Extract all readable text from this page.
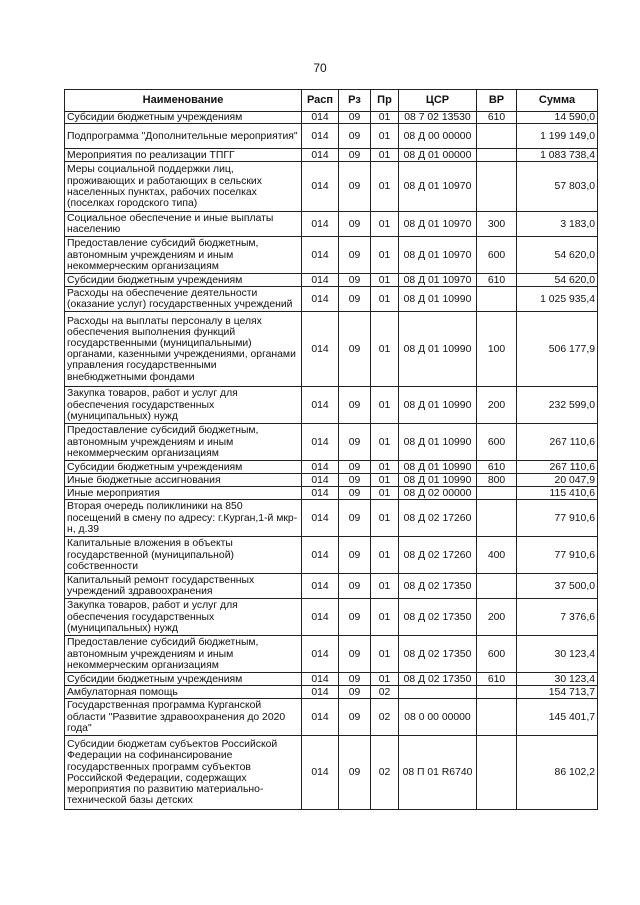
70
Наименование	Расп	Рз	Пр	ЦСР	ВР	Сумма
Субсидии бюджетным учреждениям	014	09	01	08 7 02 13530	610	14 590,0
Подпрограмма "Дополнительные мероприятия"	014	09	01	08 Д 00 00000		1 199 149,0
Мероприятия по реализации ТПГГ	014	09	01	08 Д 01 00000		1 083 738,4
Меры социальной поддержки лиц, проживающих и работающих в сельских населенных пунктах, рабочих поселках (поселках городского типа)	014	09	01	08 Д 01 10970		57 803,0
Социальное обеспечение и иные выплаты населению	014	09	01	08 Д 01 10970	300	3 183,0
Предоставление субсидий бюджетным, автономным учреждениям и иным некоммерческим организациям	014	09	01	08 Д 01 10970	600	54 620,0
Субсидии бюджетным учреждениям	014	09	01	08 Д 01 10970	610	54 620,0
Расходы на обеспечение деятельности (оказание услуг) государственных учреждений	014	09	01	08 Д 01 10990		1 025 935,4
Расходы на выплаты персоналу в целях обеспечения выполнения функций государственными (муниципальными) органами, казенными учреждениями, органами управления государственными внебюджетными фондами	014	09	01	08 Д 01 10990	100	506 177,9
Закупка товаров, работ и услуг для обеспечения государственных (муниципальных) нужд	014	09	01	08 Д 01 10990	200	232 599,0
Предоставление субсидий бюджетным, автономным учреждениям и иным некоммерческим организациям	014	09	01	08 Д 01 10990	600	267 110,6
Субсидии бюджетным учреждениям	014	09	01	08 Д 01 10990	610	267 110,6
Иные бюджетные ассигнования	014	09	01	08 Д 01 10990	800	20 047,9
Иные мероприятия	014	09	01	08 Д 02 00000		115 410,6
Вторая очередь поликлиники на 850 посещений в смену по адресу: г.Курган,1-й мкр-н, д.39	014	09	01	08 Д 02 17260		77 910,6
Капитальные вложения в объекты государственной (муниципальной) собственности	014	09	01	08 Д 02 17260	400	77 910,6
Капитальный ремонт государственных учреждений здравоохранения	014	09	01	08 Д 02 17350		37 500,0
Закупка товаров, работ и услуг для обеспечения государственных (муниципальных) нужд	014	09	01	08 Д 02 17350	200	7 376,6
Предоставление субсидий бюджетным, автономным учреждениям и иным некоммерческим организациям	014	09	01	08 Д 02 17350	600	30 123,4
Субсидии бюджетным учреждениям	014	09	01	08 Д 02 17350	610	30 123,4
Амбулаторная помощь	014	09	02			154 713,7
Государственная программа Курганской области "Развитие здравоохранения до 2020 года"	014	09	02	08 0 00 00000		145 401,7
Субсидии бюджетам субъектов Российской Федерации на софинансирование государственных программ субъектов Российской Федерации, содержащих мероприятия по развитию материально-технической базы детских	014	09	02	08 П 01 R6740		86 102,2
